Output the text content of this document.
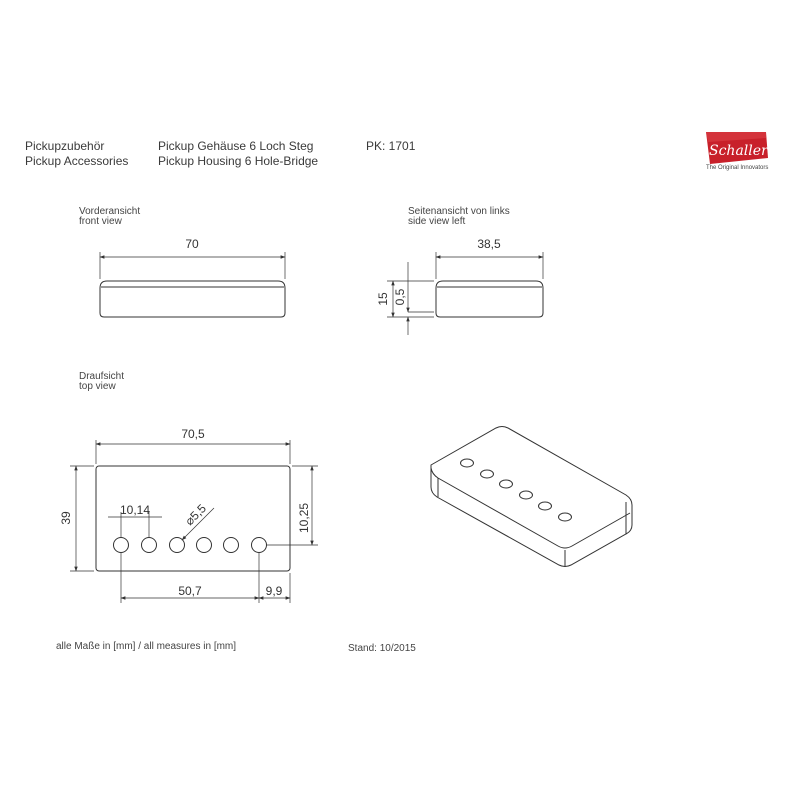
Pickupzubehör
Pickup Accessories
Pickup Gehäuse 6 Loch Steg
Pickup Housing 6 Hole-Bridge
PK: 1701	Schaller
The Original Innovators
Vorderansicht
front view
Seitenansicht von links
side view left
Draufsicht
top view
70	38,5
15 0,5
70,5
39
10,14	⌀5,5	10,25
50,7	9,9
alle Maße in [mm] / all measures in [mm]	Stand: 10/2015
